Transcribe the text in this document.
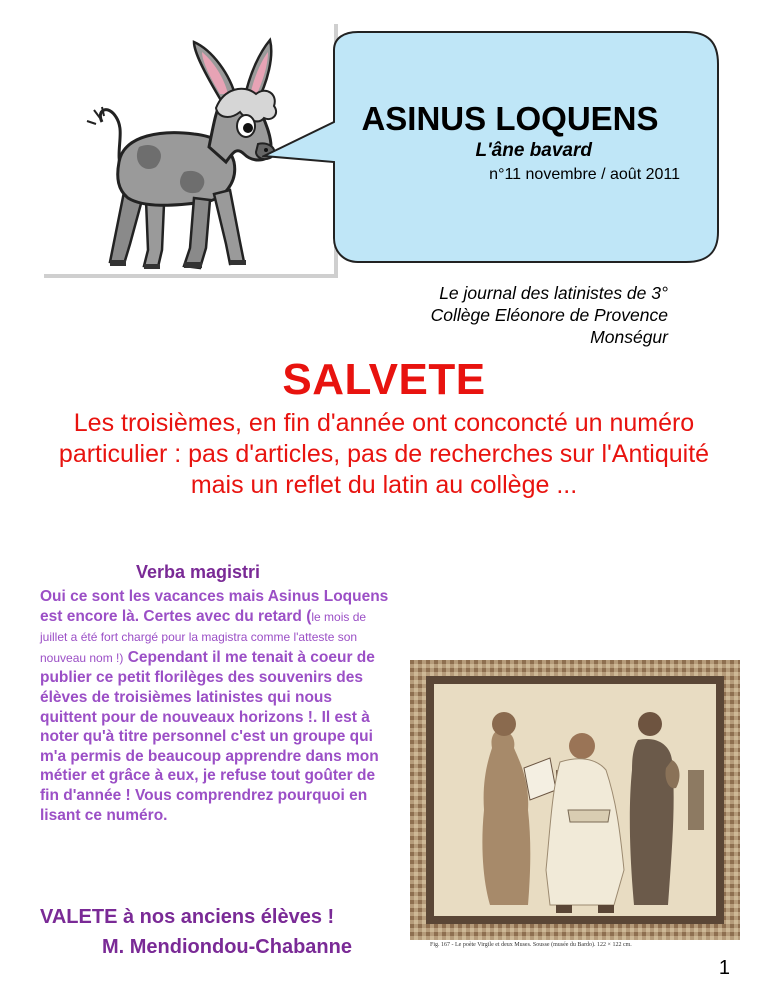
ASINUS LOQUENS
L'âne bavard
n°11 novembre / août 2011
Le journal des latinistes de 3°
Collège Eléonore de Provence
Monségur
SALVETE
Les troisièmes, en fin d'année ont conconcté un numéro particulier : pas d'articles, pas de recherches sur l'Antiquité mais un reflet du latin au collège ...
Verba magistri
Oui ce sont les vacances mais Asinus Loquens est encore là. Certes avec du retard (le mois de juillet a été fort chargé pour la magistra comme l'atteste son nouveau nom !) Cependant il me tenait à coeur de publier ce petit florilèges des souvenirs des élèves de troisièmes latinistes qui nous quittent pour de nouveaux horizons !. Il est à noter qu'à titre personnel c'est un groupe qui m'a permis de beaucoup apprendre dans mon métier et grâce à eux, je refuse tout goûter de fin d'année ! Vous comprendrez pourquoi en lisant ce numéro.
VALETE à nos anciens élèves !
M. Mendiondou-Chabanne	Fig. 167 - Le poète Virgile et deux Muses. Sousse (musée du Bardo). 122 × 122 cm.
1
